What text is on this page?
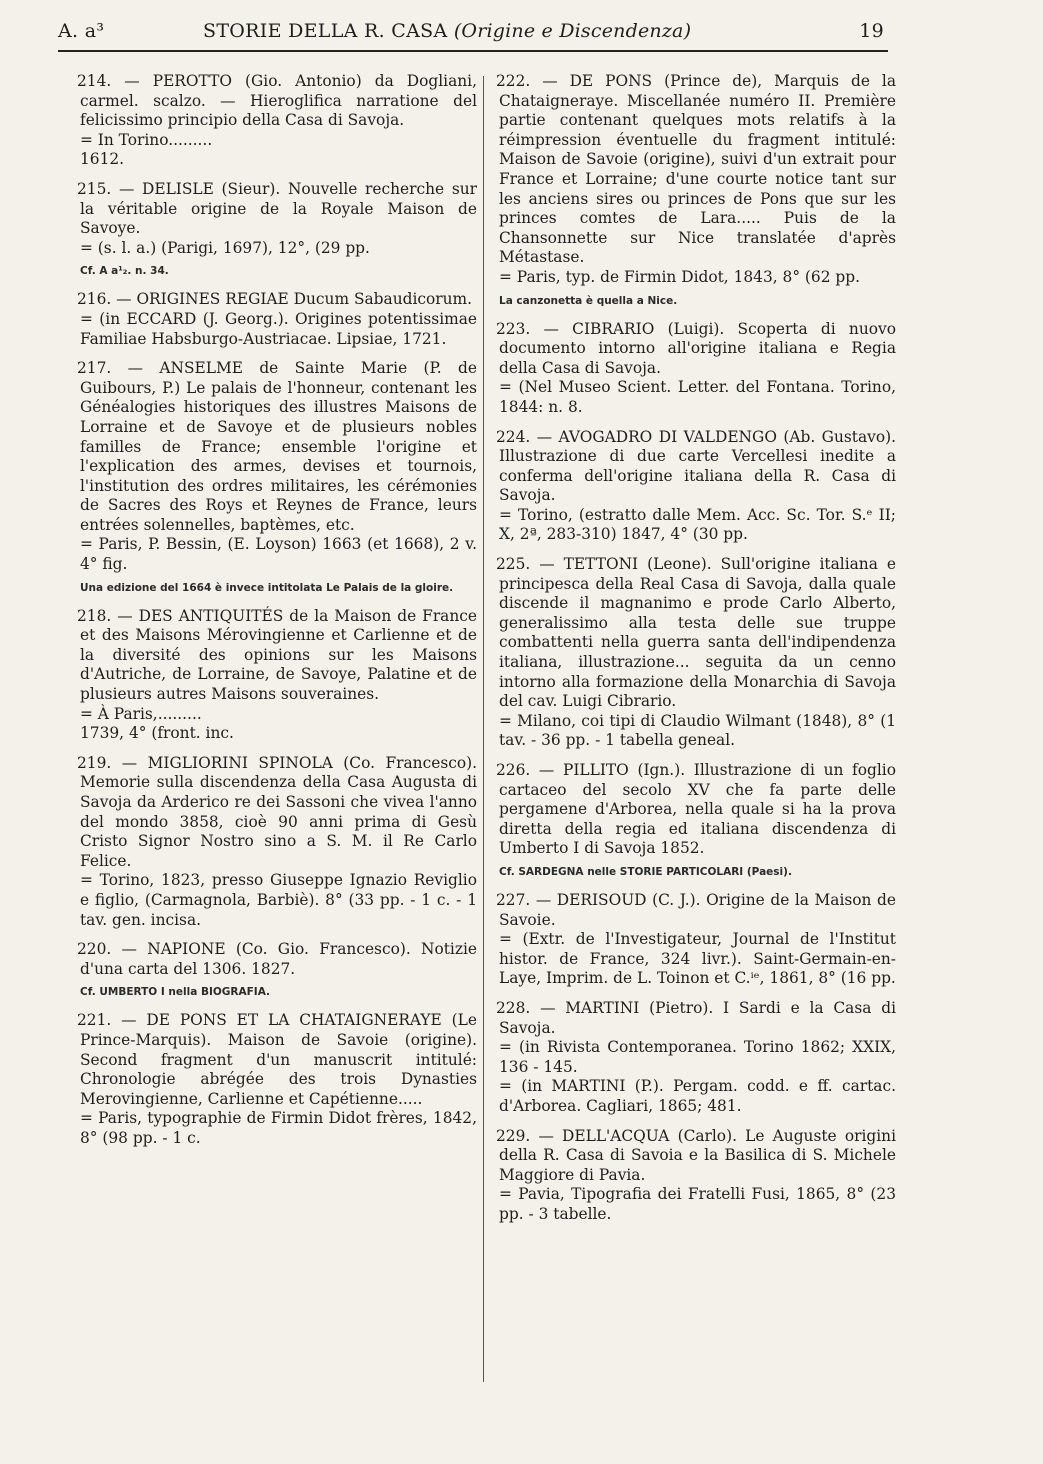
A. a³	STORIE DELLA R. CASA (Origine e Discendenza)	19

214. — PEROTTO (Gio. Antonio) da Dogliani, carmel. scalzo. — Hieroglifica narratione del felicissimo principio della Casa di Savoja.
= In Torino.........
1612.

215. — DELISLE (Sieur). Nouvelle recherche sur la véritable origine de la Royale Maison de Savoye.
= (s. l. a.) (Parigi, 1697), 12°, (29 pp.

Cf. A a¹₂. n. 34.

216. — ORIGINES REGIAE Ducum Sabaudicorum.
= (in ECCARD (J. Georg.). Origines potentissimae Familiae Habsburgo-Austriacae. Lipsiae, 1721.

217. — ANSELME de Sainte Marie (P. de Guibours, P.) Le palais de l'honneur, contenant les Généalogies historiques des illustres Maisons de Lorraine et de Savoye et de plusieurs nobles familles de France; ensemble l'origine et l'explication des armes, devises et tournois, l'institution des ordres militaires, les cérémonies de Sacres des Roys et Reynes de France, leurs entrées solennelles, baptèmes, etc.
= Paris, P. Bessin, (E. Loyson) 1663 (et 1668), 2 v. 4° fig.

Una edizione del 1664 è invece intitolata Le Palais de la gloire.

218. — DES ANTIQUITÉS de la Maison de France et des Maisons Mérovingienne et Carlienne et de la diversité des opinions sur les Maisons d'Autriche, de Lorraine, de Savoye, Palatine et de plusieurs autres Maisons souveraines.
= À Paris,.........
1739, 4° (front. inc.

219. — MIGLIORINI SPINOLA (Co. Francesco). Memorie sulla discendenza della Casa Augusta di Savoja da Arderico re dei Sassoni che vivea l'anno del mondo 3858, cioè 90 anni prima di Gesù Cristo Signor Nostro sino a S. M. il Re Carlo Felice.
= Torino, 1823, presso Giuseppe Ignazio Reviglio e figlio, (Carmagnola, Barbiè). 8° (33 pp. - 1 c. - 1 tav. gen. incisa.

220. — NAPIONE (Co. Gio. Francesco). Notizie d'una carta del 1306. 1827.

Cf. UMBERTO I nella BIOGRAFIA.

221. — DE PONS ET LA CHATAIGNERAYE (Le Prince-Marquis). Maison de Savoie (origine). Second fragment d'un manuscrit intitulé: Chronologie abrégée des trois Dynasties Merovingienne, Carlienne et Capétienne.....
= Paris, typographie de Firmin Didot frères, 1842, 8° (98 pp. - 1 c.

222. — DE PONS (Prince de), Marquis de la Chataigneraye. Miscellanée numéro II. Première partie contenant quelques mots relatifs à la réimpression éventuelle du fragment intitulé: Maison de Savoie (origine), suivi d'un extrait pour France et Lorraine; d'une courte notice tant sur les anciens sires ou princes de Pons que sur les princes comtes de Lara..... Puis de la Chansonnette sur Nice translatée d'après Métastase.
= Paris, typ. de Firmin Didot, 1843, 8° (62 pp.

La canzonetta è quella a Nice.

223. — CIBRARIO (Luigi). Scoperta di nuovo documento intorno all'origine italiana e Regia della Casa di Savoja.
= (Nel Museo Scient. Letter. del Fontana. Torino, 1844: n. 8.

224. — AVOGADRO DI VALDENGO (Ab. Gustavo). Illustrazione di due carte Vercellesi inedite a conferma dell'origine italiana della R. Casa di Savoja.
= Torino, (estratto dalle Mem. Acc. Sc. Tor. S.ᵉ II; X, 2ª, 283-310) 1847, 4° (30 pp.

225. — TETTONI (Leone). Sull'origine italiana e principesca della Real Casa di Savoja, dalla quale discende il magnanimo e prode Carlo Alberto, generalissimo alla testa delle sue truppe combattenti nella guerra santa dell'indipendenza italiana, illustrazione... seguita da un cenno intorno alla formazione della Monarchia di Savoja del cav. Luigi Cibrario.
= Milano, coi tipi di Claudio Wilmant (1848), 8° (1 tav. - 36 pp. - 1 tabella geneal.

226. — PILLITO (Ign.). Illustrazione di un foglio cartaceo del secolo XV che fa parte delle pergamene d'Arborea, nella quale si ha la prova diretta della regia ed italiana discendenza di Umberto I di Savoja 1852.

Cf. SARDEGNA nelle STORIE PARTICOLARI (Paesi).

227. — DERISOUD (C. J.). Origine de la Maison de Savoie.
= (Extr. de l'Investigateur, Journal de l'Institut histor. de France, 324 livr.). Saint-Germain-en-Laye, Imprim. de L. Toinon et C.ⁱᵉ, 1861, 8° (16 pp.

228. — MARTINI (Pietro). I Sardi e la Casa di Savoja.
= (in Rivista Contemporanea. Torino 1862; XXIX, 136 - 145.
= (in MARTINI (P.). Pergam. codd. e ff. cartac. d'Arborea. Cagliari, 1865; 481.

229. — DELL'ACQUA (Carlo). Le Auguste origini della R. Casa di Savoia e la Basilica di S. Michele Maggiore di Pavia.
= Pavia, Tipografia dei Fratelli Fusi, 1865, 8° (23 pp. - 3 tabelle.
